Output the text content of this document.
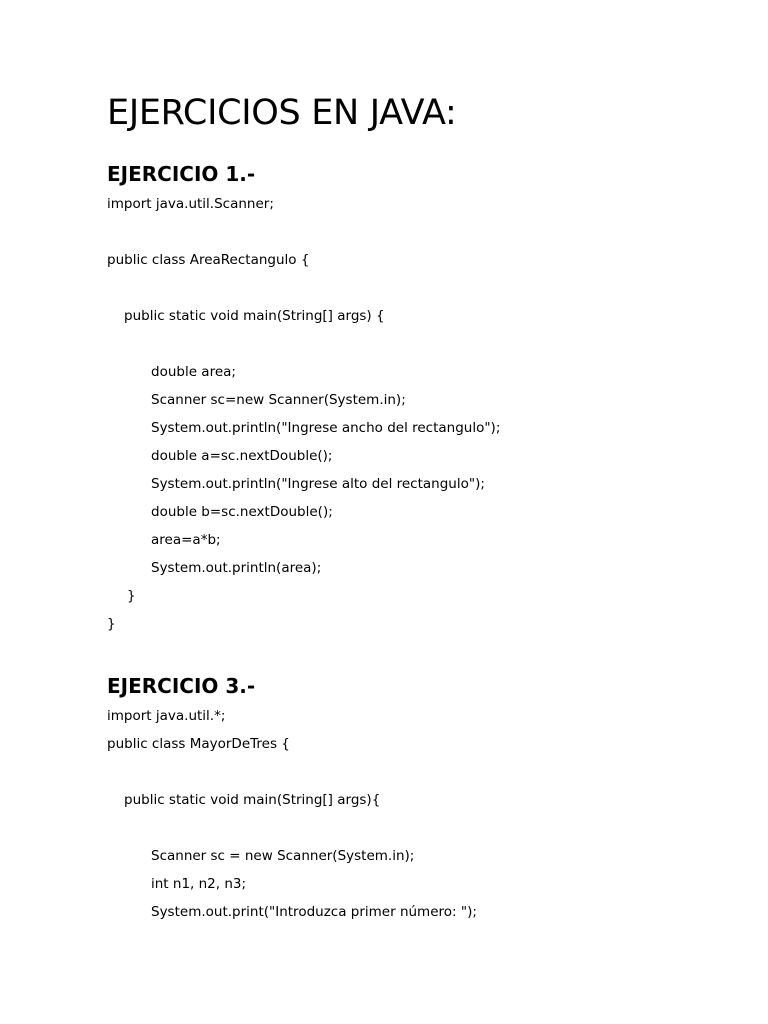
EJERCICIOS EN JAVA:
EJERCICIO 1.-
import java.util.Scanner;
public class AreaRectangulo {
public static void main(String[] args) {
double area;
Scanner sc=new Scanner(System.in);
System.out.println("Ingrese ancho del rectangulo");
double a=sc.nextDouble();
System.out.println("Ingrese alto del rectangulo");
double b=sc.nextDouble();
area=a*b;
System.out.println(area);
}
}
EJERCICIO 3.-
import java.util.*;
public class MayorDeTres {
public static void main(String[] args){
Scanner sc = new Scanner(System.in);
int n1, n2, n3;
System.out.print("Introduzca primer número: ");
